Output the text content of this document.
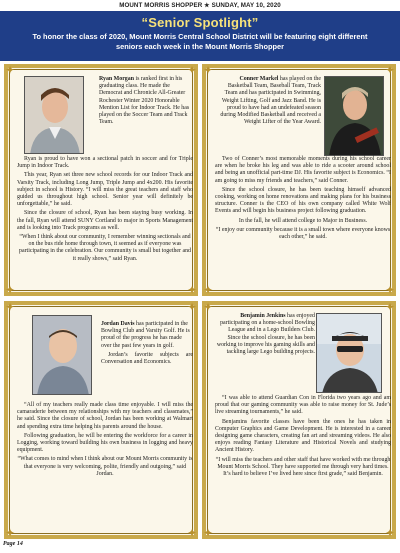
MOUNT MORRIS SHOPPER ★ SUNDAY, MAY 10, 2020
“Senior Spotlight”
To honor the class of 2020, Mount Morris Central School District will be featuring eight different seniors each week in the Mount Morris Shopper
✦	✦
✦	✦
Ryan Morgan is ranked first in his graduating class. He made the Democrat and Chronicle All-Greater Rochester Winter 2020 Honorable Mention List for Indoor Track. He has played on the Soccer Team and Track Team.
Ryan is proud to have won a sectional patch in soccer and for Triple Jump in Indoor Track.
This year, Ryan set three new school records for our Indoor Track and Varsity Track, including Long Jump, Triple Jump and 4x200. His favorite subject in school is History. “I will miss the great teachers and staff who guided us throughout high school. Senior year will definitely be unforgettable,” he said.
Since the closure of school, Ryan has been staying busy working. In the fall, Ryan will attend SUNY Cortland to major in Sports Management and is looking into Track programs as well.
“When I think about our community, I remember winning sectionals and on the bus ride home through town, it seemed as if everyone was participating in the celebration. Our community is small but together and it really shows,” said Ryan.
✦	✦
✦	✦
Conner Markel has played on the Basketball Team, Baseball Team, Track Team and has participated in Swimming, Weight Lifting, Golf and Jazz Band. He is proud to have had an undefeated season during Modified Basketball and received a Weight Lifter of the Year Award.
Two of Conner’s most memorable moments during his school career are when he broke his leg and was able to ride a scooter around school and being an unofficial part-time DJ. His favorite subject is Economics. “I am going to miss my friends and teachers,” said Conner.
Since the school closure, he has been teaching himself advanced cooking, working on home renovations and making plans for his business structure. Conner is the CEO of his own company called White Wolf Events and will begin his business project following graduation.
In the fall, he will attend college to Major in Business.
“I enjoy our community because it is a small town where everyone knows each other,” he said.
✦	✦
✦	✦
Jordan Davis has participated in the Bowling Club and Varsity Golf. He is proud of the progress he has made over the past few years in golf.
Jordan’s favorite subjects are Conversation and Economics.
“All of my teachers really made class time enjoyable. I will miss the camaraderie between my relationships with my teachers and classmates,” he said. Since the closure of school, Jordan has been working at Walmart and spending extra time helping his parents around the house.
Following graduation, he will be entering the workforce for a career in Logging, working toward building his own business in logging and heavy equipment.
“What comes to mind when I think about our Mount Morris community is that everyone is very welcoming, polite, friendly and outgoing,” said Jordan.
✦	✦
✦	✦
Benjamin Jenkins has enjoyed participating on a home-school Bowling League and in a Lego Builders Club. Since the school closure, he has been working to improve his gaming skills and tackling large Lego building projects.
“I was able to attend Guardian Con in Florida two years ago and am proud that our gaming community was able to raise money for St. Jude’s live streaming tournaments,” he said.
Benjamins favorite classes have been the ones he has taken in Computer Graphics and Game Development. He is interested in a career designing game characters, creating fan art and streaming videos. He also enjoys reading Fantasy Literature and Historical Novels and studying Ancient History.
“I will miss the teachers and other staff that have worked with me through Mount Morris School. They have supported me through very hard times. It’s hard to believe I’ve lived here since first grade,” said Benjamin.
Page 14
